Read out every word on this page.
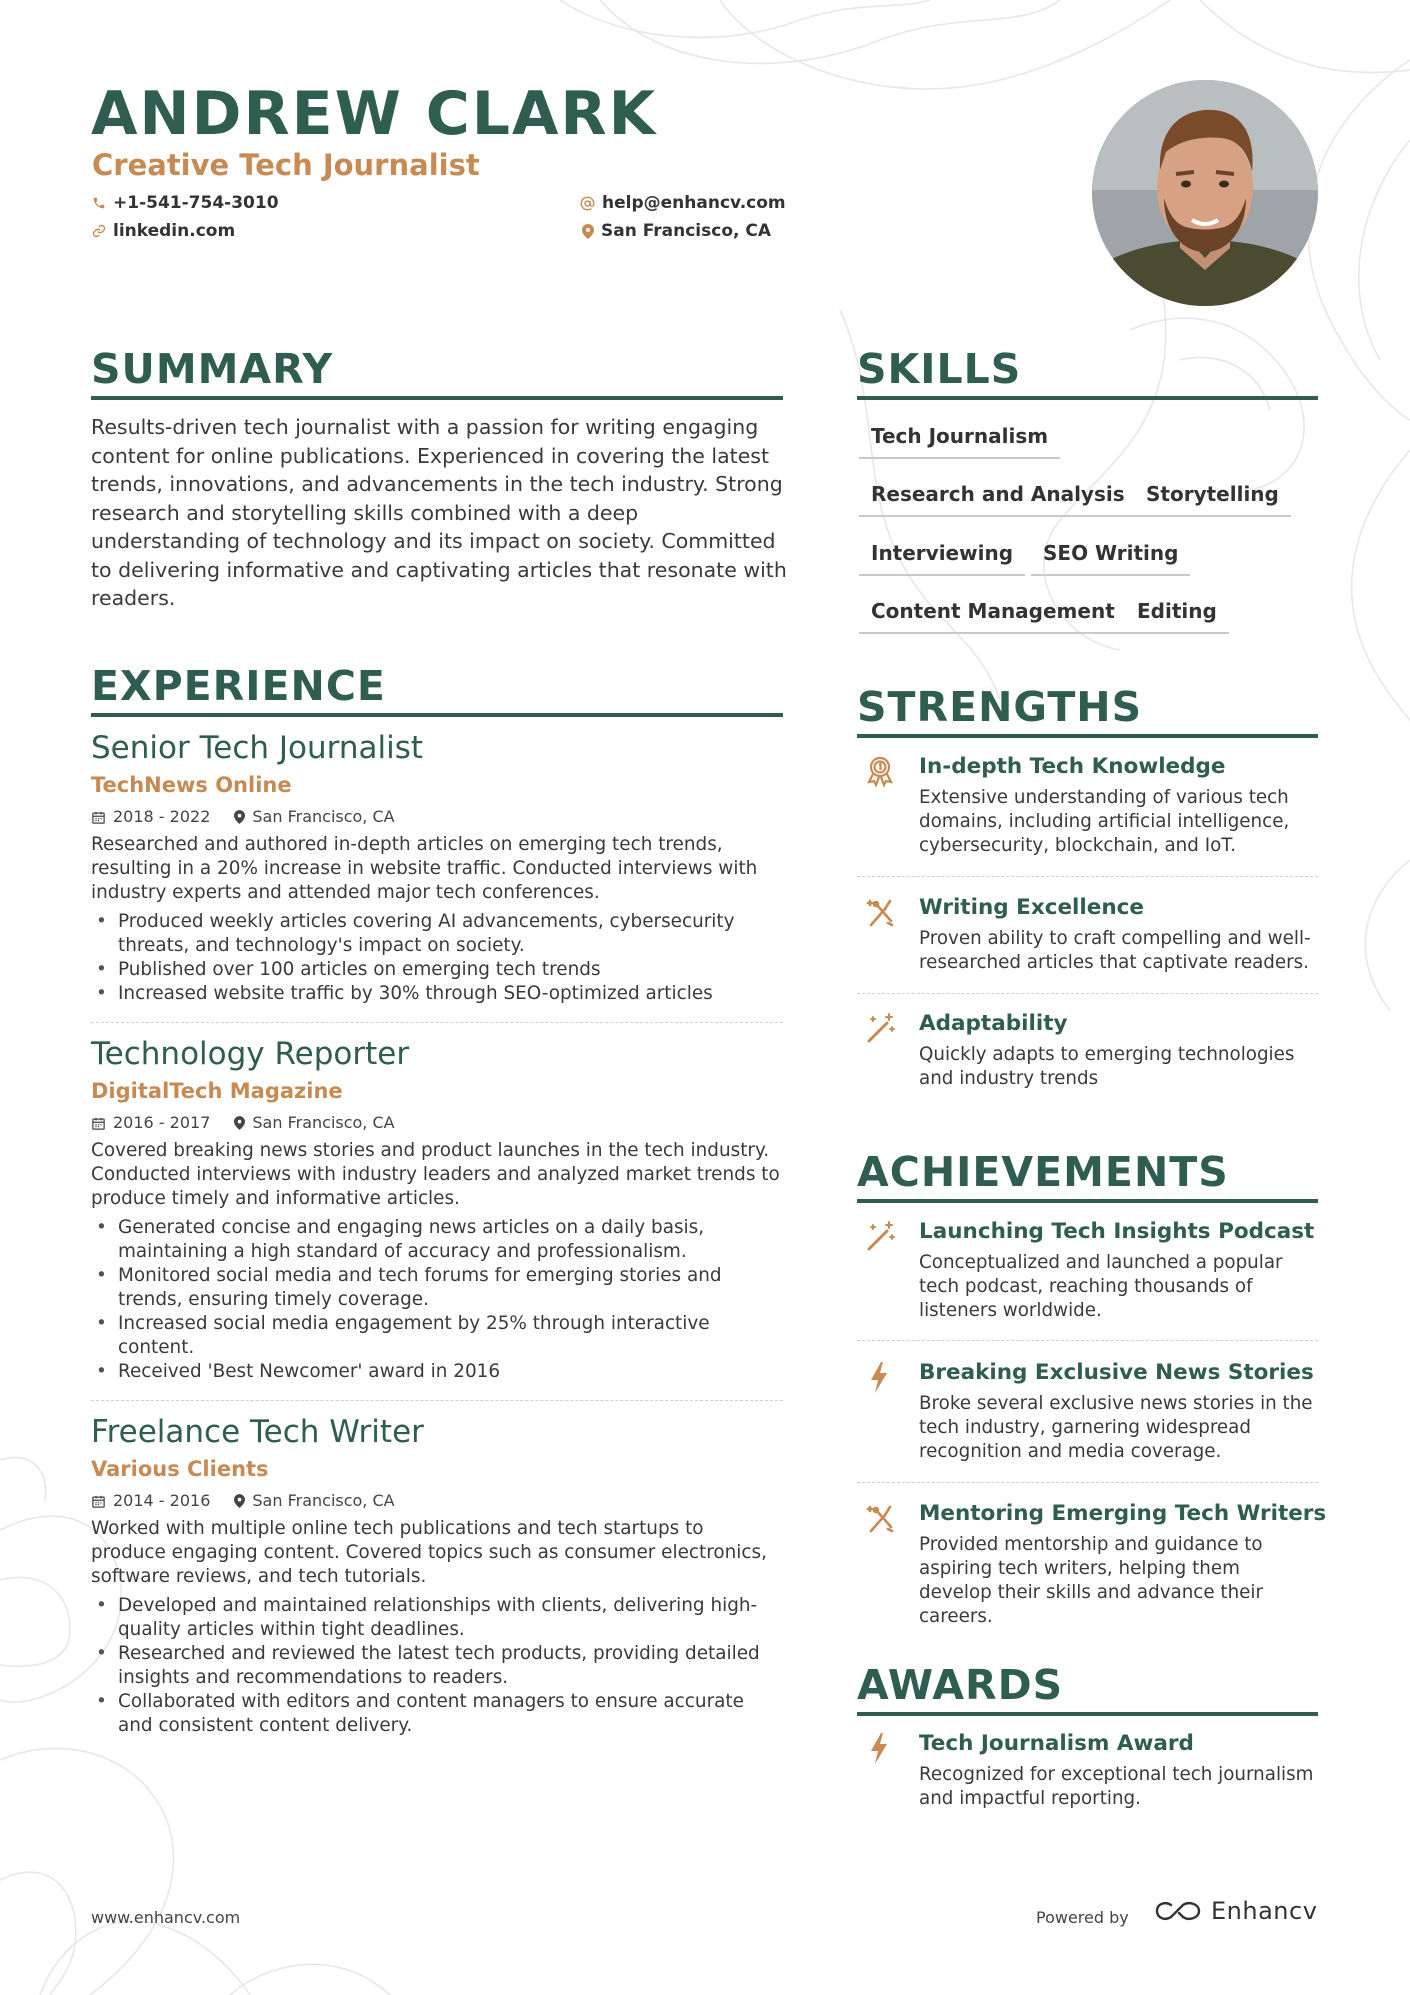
ANDREW CLARK
Creative Tech Journalist
+1-541-754-3010	help@enhancv.com
linkedin.com	San Francisco, CA
SUMMARY
Results-driven tech journalist with a passion for writing engaging content for online publications. Experienced in covering the latest trends, innovations, and advancements in the tech industry. Strong research and storytelling skills combined with a deep understanding of technology and its impact on society. Committed to delivering informative and captivating articles that resonate with readers.
EXPERIENCE
Senior Tech Journalist
TechNews Online
2018 - 2022	San Francisco, CA
Researched and authored in-depth articles on emerging tech trends, resulting in a 20% increase in website traffic. Conducted interviews with industry experts and attended major tech conferences.
• Produced weekly articles covering AI advancements, cybersecurity threats, and technology's impact on society.
• Published over 100 articles on emerging tech trends
• Increased website traffic by 30% through SEO-optimized articles
Technology Reporter
DigitalTech Magazine
2016 - 2017	San Francisco, CA
Covered breaking news stories and product launches in the tech industry. Conducted interviews with industry leaders and analyzed market trends to produce timely and informative articles.
• Generated concise and engaging news articles on a daily basis, maintaining a high standard of accuracy and professionalism.
• Monitored social media and tech forums for emerging stories and trends, ensuring timely coverage.
• Increased social media engagement by 25% through interactive content.
• Received 'Best Newcomer' award in 2016
Freelance Tech Writer
Various Clients
2014 - 2016	San Francisco, CA
Worked with multiple online tech publications and tech startups to produce engaging content. Covered topics such as consumer electronics, software reviews, and tech tutorials.
• Developed and maintained relationships with clients, delivering high-quality articles within tight deadlines.
• Researched and reviewed the latest tech products, providing detailed insights and recommendations to readers.
• Collaborated with editors and content managers to ensure accurate and consistent content delivery.
SKILLS
Tech Journalism
Research and Analysis	Storytelling
Interviewing	SEO Writing
Content Management	Editing
STRENGTHS
In-depth Tech Knowledge
Extensive understanding of various tech domains, including artificial intelligence, cybersecurity, blockchain, and IoT.
Writing Excellence
Proven ability to craft compelling and well-researched articles that captivate readers.
Adaptability
Quickly adapts to emerging technologies and industry trends
ACHIEVEMENTS
Launching Tech Insights Podcast
Conceptualized and launched a popular tech podcast, reaching thousands of listeners worldwide.
Breaking Exclusive News Stories
Broke several exclusive news stories in the tech industry, garnering widespread recognition and media coverage.
Mentoring Emerging Tech Writers
Provided mentorship and guidance to aspiring tech writers, helping them develop their skills and advance their careers.
AWARDS
Tech Journalism Award
Recognized for exceptional tech journalism and impactful reporting.
www.enhancv.com	Powered by	Enhancv
